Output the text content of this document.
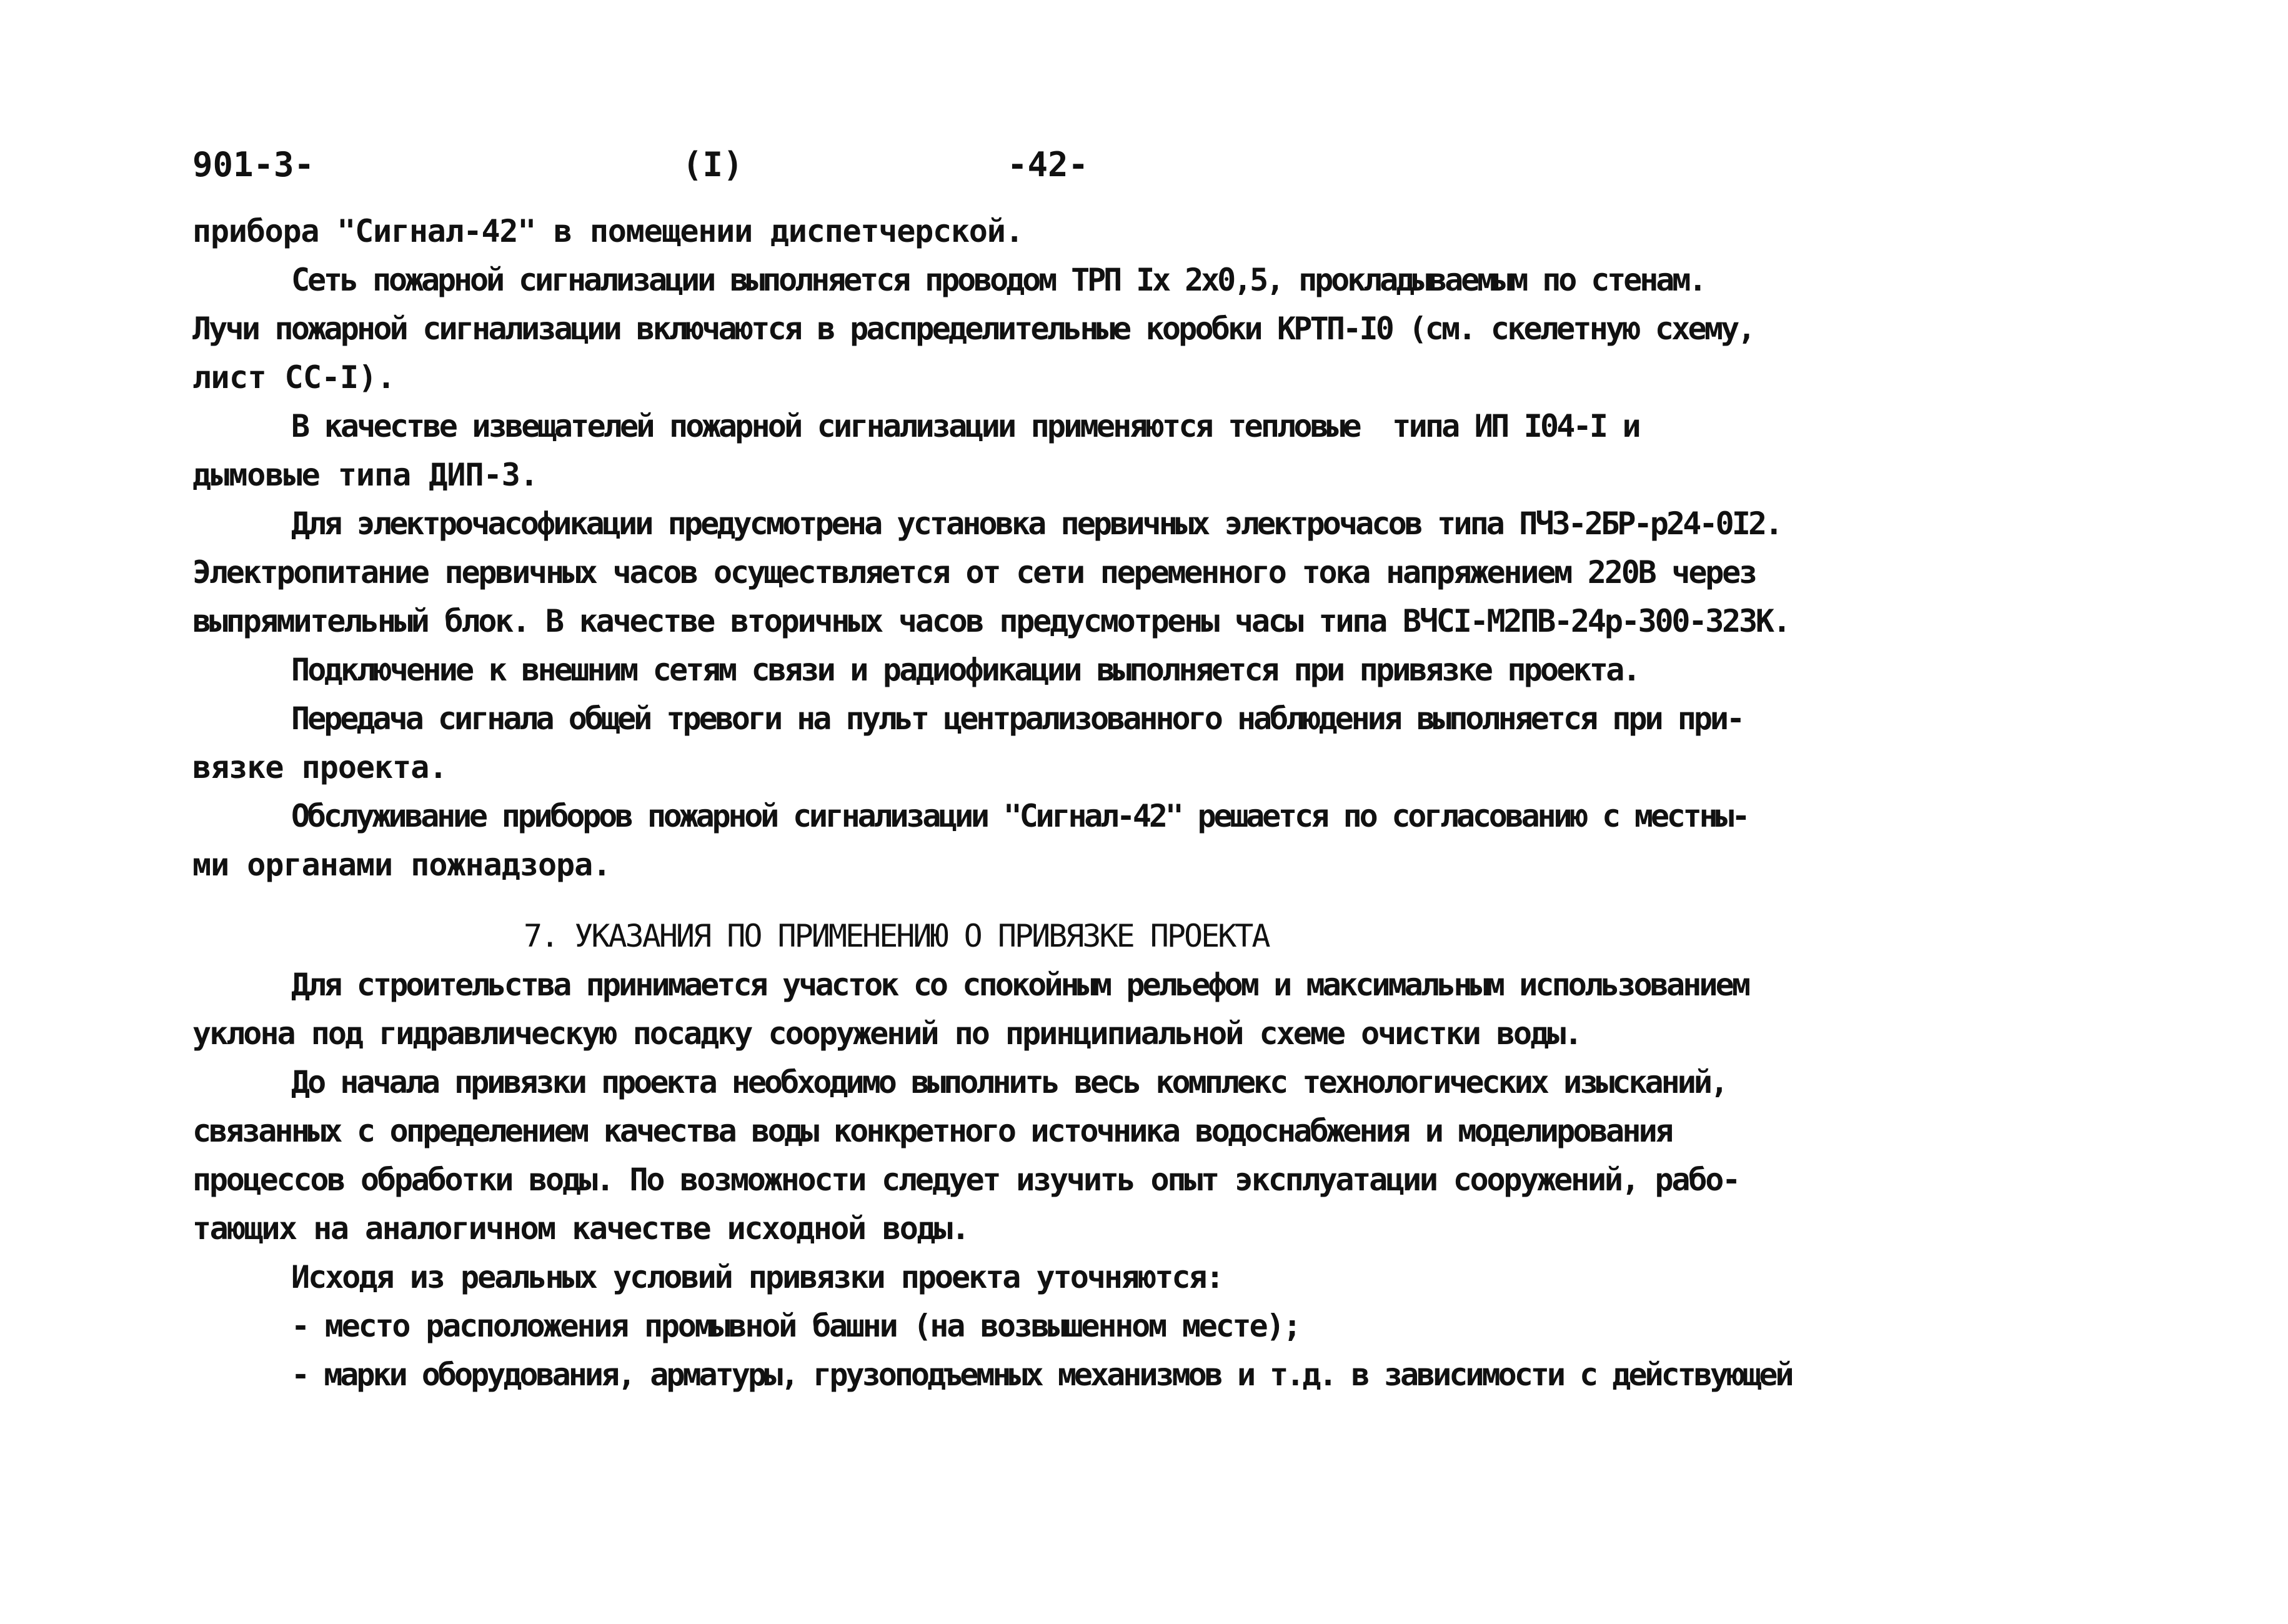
901-3-	(I)	-42-
прибора "Сигнал-42" в помещении диспетчерской.
Сеть пожарной сигнализации выполняется проводом ТРП Iх 2х0,5, прокладываемым по стенам.
Лучи пожарной сигнализации включаются в распределительные коробки КРТП-I0 (см. скелетную схему,
лист СС-I).
В качестве извещателей пожарной сигнализации применяются тепловые  типа ИП I04-I и
дымовые типа ДИП-3.
Для электрочасофикации предусмотрена установка первичных электрочасов типа ПЧЗ-2БР-р24-0I2.
Электропитание первичных часов осуществляется от сети переменного тока напряжением 220В через
выпрямительный блок. В качестве вторичных часов предусмотрены часы типа ВЧСI-М2ПВ-24р-300-323К.
Подключение к внешним сетям связи и радиофикации выполняется при привязке проекта.
Передача сигнала общей тревоги на пульт централизованного наблюдения выполняется при при-
вязке проекта.
Обслуживание приборов пожарной сигнализации "Сигнал-42" решается по согласованию с местны-
ми органами пожнадзора.
7. УКАЗАНИЯ ПО ПРИМЕНЕНИЮ О ПРИВЯЗКЕ ПРОЕКТА
Для строительства принимается участок со спокойным рельефом и максимальным использованием
уклона под гидравлическую посадку сооружений по принципиальной схеме очистки воды.
До начала привязки проекта необходимо выполнить весь комплекс технологических изысканий,
связанных с определением качества воды конкретного источника водоснабжения и моделирования
процессов обработки воды. По возможности следует изучить опыт эксплуатации сооружений, рабо-
тающих на аналогичном качестве исходной воды.
Исходя из реальных условий привязки проекта уточняются:
- место расположения промывной башни (на возвышенном месте);
- марки оборудования, арматуры, грузоподъемных механизмов и т.д. в зависимости с действующей
